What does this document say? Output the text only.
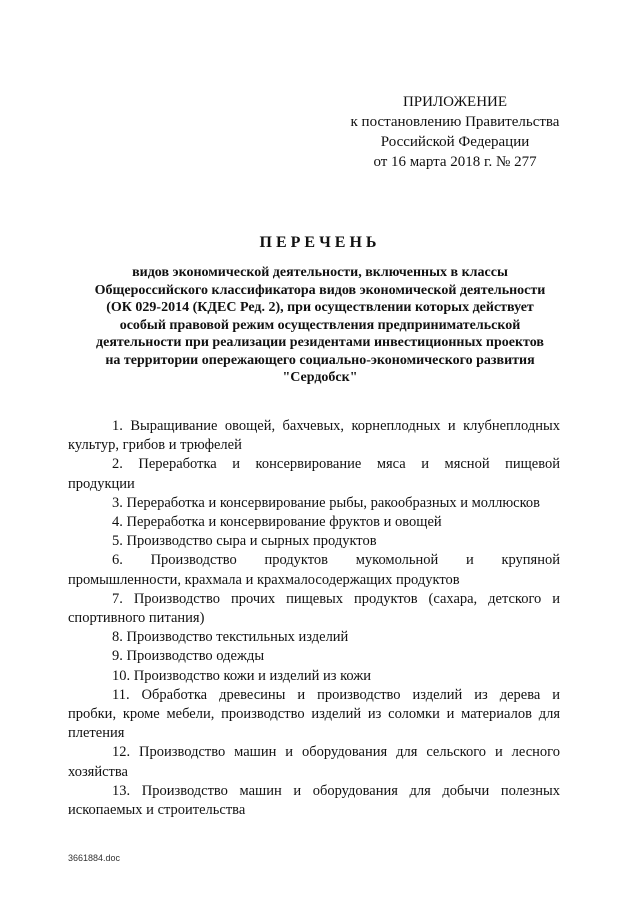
ПРИЛОЖЕНИЕ
к постановлению Правительства
Российской Федерации
от 16 марта 2018 г. № 277
ПЕРЕЧЕНЬ
видов экономической деятельности, включенных в классы
Общероссийского классификатора видов экономической деятельности
(ОК 029-2014 (КДЕС Ред. 2), при осуществлении которых действует
особый правовой режим осуществления предпринимательской
деятельности при реализации резидентами инвестиционных проектов
на территории опережающего социально-экономического развития
"Сердобск"
1. Выращивание овощей, бахчевых, корнеплодных и клубнеплодных
культур, грибов и трюфелей
2. Переработка и консервирование мяса и мясной пищевой
продукции
3. Переработка и консервирование рыбы, ракообразных и моллюсков
4. Переработка и консервирование фруктов и овощей
5. Производство сыра и сырных продуктов
6. Производство продуктов мукомольной и крупяной
промышленности, крахмала и крахмалосодержащих продуктов
7. Производство прочих пищевых продуктов (сахара, детского и
спортивного питания)
8. Производство текстильных изделий
9. Производство одежды
10. Производство кожи и изделий из кожи
11. Обработка древесины и производство изделий из дерева и
пробки, кроме мебели, производство изделий из соломки и материалов для
плетения
12. Производство машин и оборудования для сельского и лесного
хозяйства
13. Производство машин и оборудования для добычи полезных
ископаемых и строительства
3661884.doc
